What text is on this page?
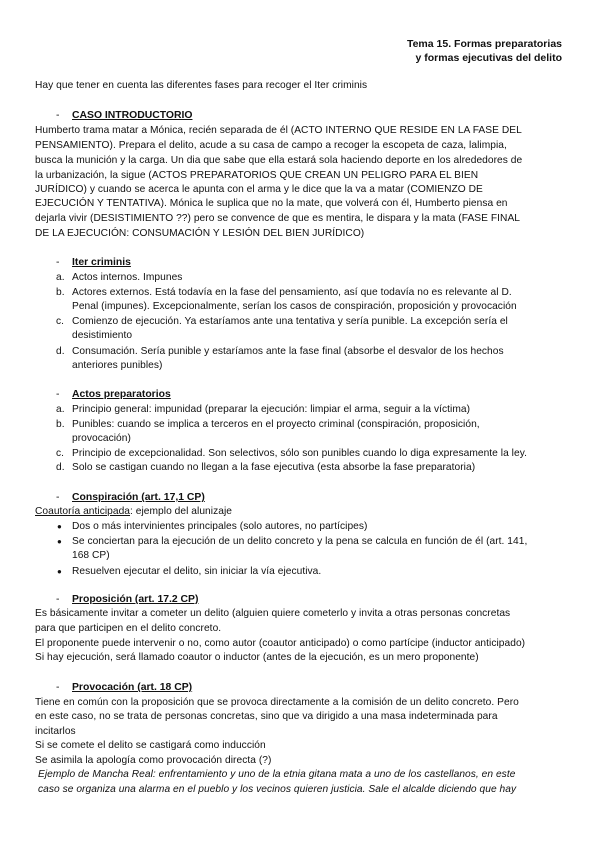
Tema 15. Formas preparatorias
y formas ejecutivas del delito
Hay que tener en cuenta las diferentes fases para recoger el Iter criminis
- CASO INTRODUCTORIO
Humberto trama matar a Mónica, recién separada de él (ACTO INTERNO QUE RESIDE EN LA FASE DEL
PENSAMIENTO). Prepara el delito, acude a su casa de campo a recoger la escopeta de caza, lalimpia,
busca la munición y la carga. Un dia que sabe que ella estará sola haciendo deporte en los alrededores de
la urbanización, la sigue (ACTOS PREPARATORIOS QUE CREAN UN PELIGRO PARA EL BIEN
JURÍDICO) y cuando se acerca le apunta con el arma y le dice que la va a matar (COMIENZO DE
EJECUCIÓN Y TENTATIVA). Mónica le suplica que no la mate, que volverá con él, Humberto piensa en
dejarla vivir (DESISTIMIENTO ??) pero se convence de que es mentira, le dispara y la mata (FASE FINAL
DE LA EJECUCIÓN: CONSUMACIÓN Y LESIÓN DEL BIEN JURÍDICO)
- Iter criminis
a. Actos internos. Impunes
b. Actores externos. Está todavía en la fase del pensamiento, así que todavía no es relevante al D.
Penal (impunes). Excepcionalmente, serían los casos de conspiración, proposición y provocación
c. Comienzo de ejecución. Ya estaríamos ante una tentativa y sería punible. La excepción sería el
desistimiento
d. Consumación. Sería punible y estaríamos ante la fase final (absorbe el desvalor de los hechos
anteriores punibles)
- Actos preparatorios
a. Principio general: impunidad (preparar la ejecución: limpiar el arma, seguir a la víctima)
b. Punibles: cuando se implica a terceros en el proyecto criminal (conspiración, proposición,
provocación)
c. Principio de excepcionalidad. Son selectivos, sólo son punibles cuando lo diga expresamente la ley.
d. Solo se castigan cuando no llegan a la fase ejecutiva (esta absorbe la fase preparatoria)
- Conspiración (art. 17,1 CP)
Coautoría anticipada: ejemplo del alunizaje
● Dos o más intervinientes principales (solo autores, no partícipes)
● Se conciertan para la ejecución de un delito concreto y la pena se calcula en función de él (art. 141,
168 CP)
● Resuelven ejecutar el delito, sin iniciar la vía ejecutiva.
- Proposición (art. 17.2 CP)
Es básicamente invitar a cometer un delito (alguien quiere cometerlo y invita a otras personas concretas
para que participen en el delito concreto.
El proponente puede intervenir o no, como autor (coautor anticipado) o como partícipe (inductor anticipado)
Si hay ejecución, será llamado coautor o inductor (antes de la ejecución, es un mero proponente)
- Provocación (art. 18 CP)
Tiene en común con la proposición que se provoca directamente a la comisión de un delito concreto. Pero
en este caso, no se trata de personas concretas, sino que va dirigido a una masa indeterminada para
incitarlos
Si se comete el delito se castigará como inducción
Se asimila la apología como provocación directa (?)
Ejemplo de Mancha Real: enfrentamiento y uno de la etnia gitana mata a uno de los castellanos, en este
caso se organiza una alarma en el pueblo y los vecinos quieren justicia. Sale el alcalde diciendo que hay
